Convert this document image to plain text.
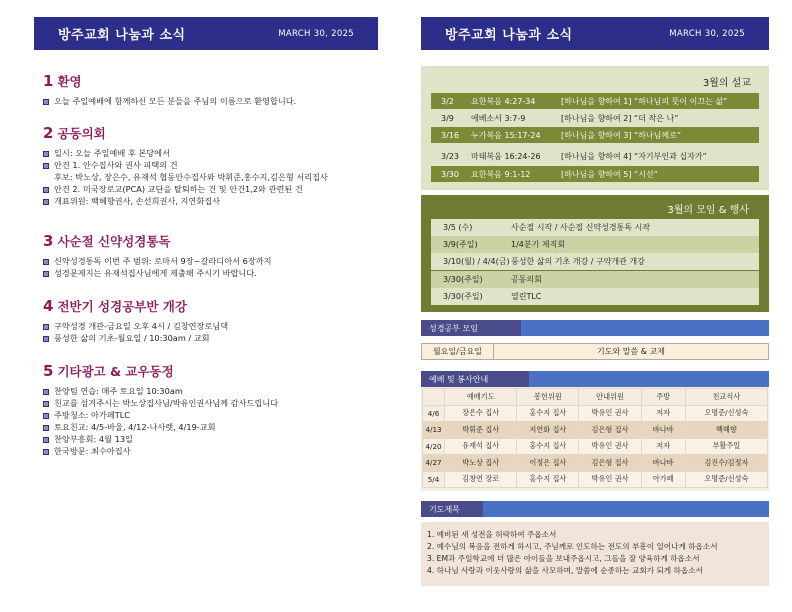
방주교회 나눔과 소식	MARCH 30, 2025	방주교회 나눔과 소식	MARCH 30, 2025
1 환영
오늘 주일예배에 함께하신 모든 분들을 주님의 이름으로 환영합니다.
2 공동의회
일시: 오늘 주일예배 후 본당에서
안건 1. 안수집사와 권사 피택의 건
후보: 박노상, 장은수, 유재석 협동안수집사와 박휘준,홍수지,김은형 서리집사
안건 2. 미국장로교(PCA) 교단을 탈퇴하는 건 및 안건1,2와 관련된 건
개표위원: 백혜향권사, 손선희권사, 지연화집사
3 사순절 신약성경통독
신약성경통독 이번 주 범위: 로마서 9장~갈라디아서 6장까지
성경문제지는 유재석집사님에게 제출해 주시기 바랍니다.
4 전반기 성경공부반 개강
구약성경 개관-금요일 오후 4시 / 김창연장로님댁
풍성한 삶의 기초-월요일 / 10:30am / 교회
5 기타광고 & 교우동정
찬양팀 연습: 매주 토요일 10:30am
친교를 섬겨주시는 박노상집사님/박유인권사님께 감사드립니다
주방청소: 아가페TLC
토요친교: 4/5-바울, 4/12-나사렛, 4/19-교회
찬양부흥회: 4월 13일
한국방문: 최수아집사
3월의 설교
3/2	요한복음 4:27-34	[하나님을 향하여 1] “하나님의 뜻이 이끄는 삶”
3/9	에베소서 3:7-9	[하나님을 향하여 2] “더 작은 나”
3/16	누가복음 15:17-24	[하나님을 향하여 3] “하나님께로”
3/23	마태복음 16:24-26	[하나님을 향하여 4] “자기부인과 십자가”
3/30	요한복음 9:1-12	[하나님을 향하여 5] “시선”
3월의 모임 & 행사
3/5 (수)	사순절 시작 / 사순절 신약성경통독 시작
3/9(주일)	1/4분기 제직회
3/10(월) / 4/4(금) 풍성한 삶의 기초 개강 / 구약개관 개강
3/30(주일)	공동의회
3/30(주일)	열린TLC
성경공부 모임
월요일/금요일	기도와 말씀 & 교제
예배 및 봉사안내
	예배기도	봉헌위원	안내위원	주방	친교식사
4/6	장은수 집사	홍수지 집사	박유인 권사	저자	오명준/신성숙
4/13	박휘준 집사	지연화 집사	김은형 집사	바나바	백혜향
4/20	유재석 집사	홍수지 집사	박유인 권사	저자	부활주일
4/27	박노상 집사	이정은 집사	김은형 집사	바나바	김진수/김정자
5/4	김창연 장로	홍수지 집사	박유인 권사	아가페	오명준/신성숙
기도제목
1. 예비된 새 성전을 허락하여 주옵소서
2. 예수님의 복음을 전하게 하시고, 주님께로 인도하는 전도의 부흥이 일어나게 하옵소서
3. EM과 주일학교에 더 많은 아이들을 보내주옵시고, 그들을 잘 양육하게 하옵소서
4. 하나님 사랑과 이웃사랑의 삶을 사모하며, 말씀에 순종하는 교회가 되게 하옵소서
